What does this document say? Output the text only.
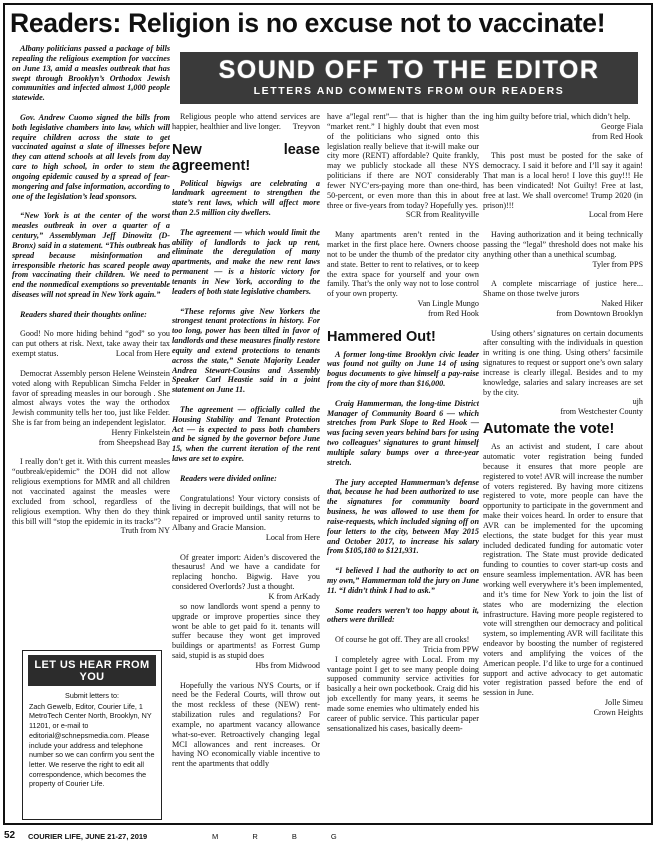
Readers: Religion is no excuse not to vaccinate!
SOUND OFF TO THE EDITOR
LETTERS AND COMMENTS FROM OUR READERS

Albany politicians passed a package of bills repealing the religious exemption for vaccines on June 13, amid a measles outbreak that has swept through Brooklyn’s Orthodox Jewish communities and infected almost 1,000 people statewide.

Gov. Andrew Cuomo signed the bills from both legislative chambers into law, which will require children across the state to get vaccinated against a slate of illnesses before they can attend schools at all levels from day care to high school, in order to stem the ongoing epidemic caused by a spread of fear-mongering and false information, according to one of the legislation’s lead sponsors.

“New York is at the center of the worst measles outbreak in over a quarter of a century,” Assemblyman Jeff Dinowitz (D-Bronx) said in a statement. “This outbreak has spread because misinformation and irresponsible rhetoric has scared people away from vaccinating their children. We need to end the nonmedical exemptions so preventable diseases will not spread in New York again.”

Readers shared their thoughts online:

Good! No more hiding behind “god” so you can put others at risk. Next, take away their tax exempt status.	Local from Here

Democrat Assembly person Helene Weinstein voted along with Republican Simcha Felder in favor of spreading measles in our borough . She almost always votes the way the orthodox Jewish community tells her too, just like Felder. She is far from being an independent legislator.

Henry Finkelstein

from Sheepshead Bay

I really don’t get it. With this current measles “outbreak/epidemic” the DOH did not allow religious exemptions for MMR and all children not vaccinated against the measles were excluded from school, regardless of the religious exemption. Why then do they think this bill will “stop the epidemic in its tracks”?

Truth from NY

LET US HEAR FROM YOU
Submit letters to:
Zach Gewelb, Editor, Courier Life, 1 MetroTech Center North, Brooklyn, NY 11201, or e-mail to editorial@schnepsmedia.com. Please include your address and telephone number so we can confirm you sent the letter. We reserve the right to edit all correspondence, which becomes the property of Courier Life.

Religious people who attend services are happier, healthier and live longer.	Treyvon

New lease agreement!

Political bigwigs are celebrating a landmark agreement to strengthen the state’s rent laws, which will affect more than 2.5 million city dwellers.

The agreement — which would limit the ability of landlords to jack up rent, eliminate the deregulation of many apartments, and make the new rent laws permanent — is a historic victory for tenants in New York, according to the leaders of both state legislative chambers.

“These reforms give New Yorkers the strongest tenant protections in history. For too long, power has been tilted in favor of landlords and these measures finally restore equity and extend protections to tenants across the state,” Senate Majority Leader Andrea Stewart-Cousins and Assembly Speaker Carl Heastie said in a joint statement on June 11.

The agreement — officially called the Housing Stability and Tenant Protection Act — is expected to pass both chambers and be signed by the governor before June 15, when the current iteration of the rent laws are set to expire.

Readers were divided online:

Congratulations! Your victory consists of living in decrepit buildings, that will not be repaired or improved until sanity returns to Albany and Gracie Mansion.

Local from Here

Of greater import: Aiden’s discovered the thesaurus! And we have a candidate for replacing honcho. Bigwig. Have you considered Overlords? Just a thought.
K from ArKady

so now landlords wont spend a penny to upgrade or improve properties since they wont be able to get paid fo it. tenants will suffer because they wont get improved buildings or apartments! as Forrest Gump said, stupid is as stupid does

Hbs from Midwood

Hopefully the various NYS Courts, or if need be the Federal Courts, will throw out the most reckless of these (NEW) rent-stabilization rules and regulations? For example, no apartment vacancy allowance what-so-ever. Retroactively changing legal MCI allowances and rent increases. Or having NO economically viable incentive to rent the apartments that oddly

have a”legal rent”— that is higher than the “market rent.” I highly doubt that even most of the politicians who signed onto this legislation really believe that it-will make our city more (RENT) affordable? Quite frankly, may we publicly stockade all these NYS politicians if there are NOT considerably fewer NYC’ers-paying more than one-third, 50-percent, or even more than this in about three or five-years from today? Hopefully yes.

SCR from Realityville

Many apartments aren’t rented in the market in the first place here. Owners choose not to be under the thumb of the predator city and state. Better to rent to relatives, or to keep the extra space for yourself and your own family. That’s the only way not to lose control of your own property.

Van Lingle Mungo

from Red Hook

Hammered Out!

A former long-time Brooklyn civic leader was found not guilty on June 14 of using bogus documents to give himself a pay-raise from the city of more than $16,000.

Craig Hammerman, the long-time District Manager of Community Board 6 — which stretches from Park Slope to Red Hook — was facing seven years behind bars for using two colleagues’ signatures to grant himself multiple salary bumps over a three-year stretch.

The jury accepted Hammerman’s defense that, because he had been authorized to use the signatures for community board business, he was allowed to use them for raise-requests, which included signing off on four letters to the city, between May 2015 and October 2017, to increase his salary from $105,180 to $121,931.

“I believed I had the authority to act on my own,” Hammerman told the jury on June 11. “I didn’t think I had to ask.”

Some readers weren’t too happy about it, others were thrilled:

Of course he got off. They are all crooks!
Tricia from PPW

I completely agree with Local. From my vantage point I get to see many people doing supposed community service activities for basically a heir own pocketbook. Craig did his job excellently for many years, it seems he made some enemies who ultimately ended his career of public service. This particular paper sensationalized his cases, basically deem-

ing him guilty before trial, which didn’t help.

George Fiala

from Red Hook

This post must be posted for the sake of democracy. I said it before and I’ll say it again! That man is a local hero! I love this guy!!! He has been vindicated! Not Guilty! Free at last, free at last. We shall overcome! Trump 2020 (in prison)!!!

Local from Here

Having authorization and it being technically passing the “legal” threshold does not make his anything other than a unethical scumbag.

Tyler from PPS

A complete miscarriage of justice here... Shame on those twelve jurors

Naked Hiker

from Downtown Brooklyn

Using others’ signatures on certain documents after consulting with the individuals in question in writing is one thing. Using others’ facsimile signatures to request or support one’s own salary increase is clearly illegal. Besides and to my knowledge, salaries and salary increases are set by the city.

ujh

from Westchester County

Automate the vote!

As an activist and student, I care about automatic voter registration being funded because it ensures that more people are registered to vote! AVR will increase the number of voters registered. By having more citizens registered to vote, more people can have the opportunity to participate in the government and make their voices heard. In order to ensure that AVR can be implemented for the upcoming elections, the state budget for this year must included dedicated funding for automatic voter registration. The State must provide dedicated funding to counties to cover start-up costs and ensure seamless implementation. AVR has been working well everywhere it’s been implemented, and it’s time for New York to join the list of states who are modernizing the election infrastructure. Having more people registered to vote will strengthen our democracy and political system, so implementing AVR will facilitate this endeavor by boosting the number of registered voters and amplifying the voices of the American people. I’d like to urge for a continued support and active advocacy to get automatic voter registration passed before the end of session in June.

Jolle Simeu

Crown Heights

52 COURIER LIFE, JUNE 21-27, 2019	M R B G
